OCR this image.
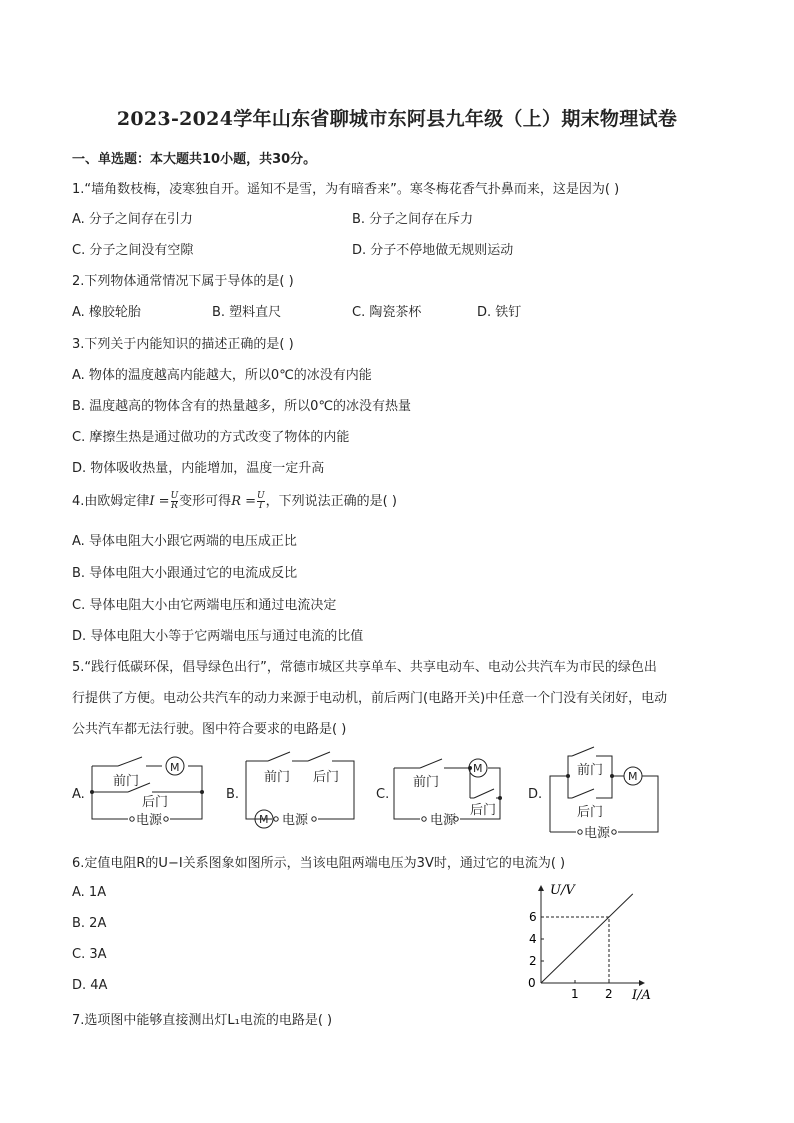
2023-2024学年山东省聊城市东阿县九年级（上）期末物理试卷
一、单选题：本大题共10小题，共30分。
1.“墙角数枝梅，凌寒独自开。遥知不是雪，为有暗香来”。寒冬梅花香气扑鼻而来，这是因为( )
A. 分子之间存在引力	B. 分子之间存在斥力
C. 分子之间没有空隙	D. 分子不停地做无规则运动
2.下列物体通常情况下属于导体的是( )
A. 橡胶轮胎	B. 塑料直尺	C. 陶瓷茶杯	D. 铁钉
3.下列关于内能知识的描述正确的是( )
A. 物体的温度越高内能越大，所以0℃的冰没有内能
B. 温度越高的物体含有的热量越多，所以0℃的冰没有热量
C. 摩擦生热是通过做功的方式改变了物体的内能
D. 物体吸收热量，内能增加，温度一定升高
4.由欧姆定律$I = \frac{U}{R}$ 变形可得$R = \frac{U}{I}$ ，下列说法正确的是( )
A. 导体电阻大小跟它两端的电压成正比
B. 导体电阻大小跟通过它的电流成反比
C. 导体电阻大小由它两端电压和通过电流决定
D. 导体电阻大小等于它两端电压与通过电流的比值
5.“践行低碳环保，倡导绿色出行”，常德市城区共享单车、共享电动车、电动公共汽车为市民的绿色出
行提供了方便。电动公共汽车的动力来源于电动机，前后两门(电路开关)中任意一个门没有关闭好，电动
公共汽车都无法行驶。图中符合要求的电路是( )
A.
前门
后门
电源
M
B.
前门 后门
电源
M
C.
前门
后门
电源
M
D.
前门
后门
电源
M
6.定值电阻R的U−I关系图象如图所示，当该电阻两端电压为3V时，通过它的电流为( )
A. 1A
B. 2A
C. 3A
D. 4A
1 2
2
4
6
U/V
I/A
0
7.选项图中能够直接测出灯L₁电流的电路是( )
